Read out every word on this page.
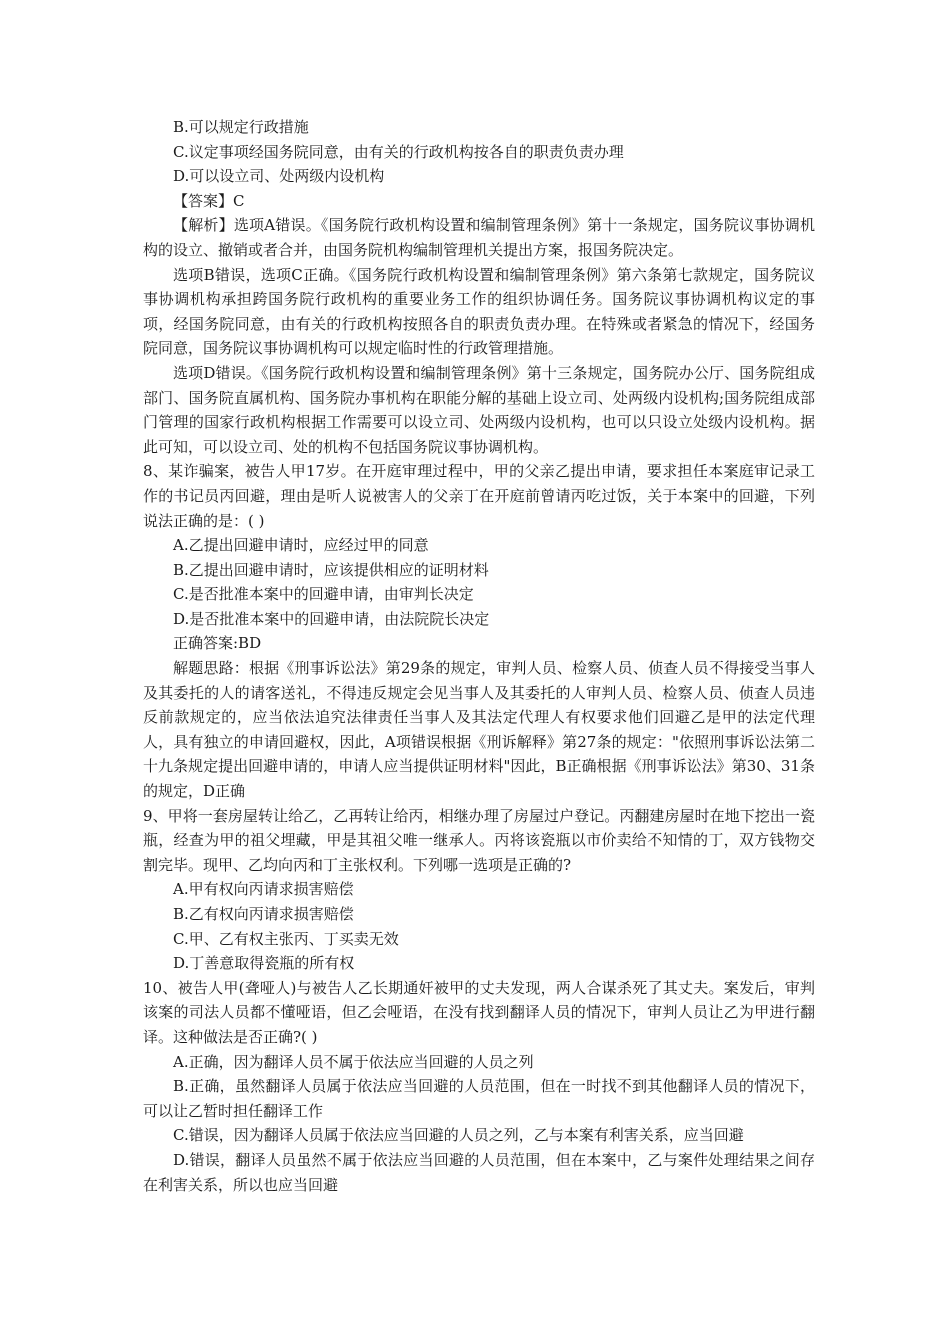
B.可以规定行政措施

C.议定事项经国务院同意，由有关的行政机构按各自的职责负责办理

D.可以设立司、处两级内设机构

【答案】C

【解析】选项A错误。《国务院行政机构设置和编制管理条例》第十一条规定，国务院议事协调机构的设立、撤销或者合并，由国务院机构编制管理机关提出方案，报国务院决定。

选项B错误，选项C正确。《国务院行政机构设置和编制管理条例》第六条第七款规定，国务院议事协调机构承担跨国务院行政机构的重要业务工作的组织协调任务。国务院议事协调机构议定的事项，经国务院同意，由有关的行政机构按照各自的职责负责办理。在特殊或者紧急的情况下，经国务院同意，国务院议事协调机构可以规定临时性的行政管理措施。

选项D错误。《国务院行政机构设置和编制管理条例》第十三条规定，国务院办公厅、国务院组成部门、国务院直属机构、国务院办事机构在职能分解的基础上设立司、处两级内设机构;国务院组成部门管理的国家行政机构根据工作需要可以设立司、处两级内设机构，也可以只设立处级内设机构。据此可知，可以设立司、处的机构不包括国务院议事协调机构。

8、某诈骗案，被告人甲17岁。在开庭审理过程中，甲的父亲乙提出申请，要求担任本案庭审记录工作的书记员丙回避，理由是听人说被害人的父亲丁在开庭前曾请丙吃过饭，关于本案中的回避，下列说法正确的是：( )

A.乙提出回避申请时，应经过甲的同意

B.乙提出回避申请时，应该提供相应的证明材料

C.是否批准本案中的回避申请，由审判长决定

D.是否批准本案中的回避申请，由法院院长决定

正确答案:BD

解题思路：根据《刑事诉讼法》第29条的规定，审判人员、检察人员、侦查人员不得接受当事人及其委托的人的请客送礼，不得违反规定会见当事人及其委托的人审判人员、检察人员、侦查人员违反前款规定的，应当依法追究法律责任当事人及其法定代理人有权要求他们回避乙是甲的法定代理人，具有独立的申请回避权，因此，A项错误根据《刑诉解释》第27条的规定："依照刑事诉讼法第二十九条规定提出回避申请的，申请人应当提供证明材料"因此，B正确根据《刑事诉讼法》第30、31条的规定，D正确

9、甲将一套房屋转让给乙，乙再转让给丙，相继办理了房屋过户登记。丙翻建房屋时在地下挖出一瓷瓶，经查为甲的祖父埋藏，甲是其祖父唯一继承人。丙将该瓷瓶以市价卖给不知情的丁，双方钱物交割完毕。现甲、乙均向丙和丁主张权利。下列哪一选项是正确的?

A.甲有权向丙请求损害赔偿

B.乙有权向丙请求损害赔偿

C.甲、乙有权主张丙、丁买卖无效

D.丁善意取得瓷瓶的所有权

10、被告人甲(聋哑人)与被告人乙长期通奸被甲的丈夫发现，两人合谋杀死了其丈夫。案发后，审判该案的司法人员都不懂哑语，但乙会哑语，在没有找到翻译人员的情况下，审判人员让乙为甲进行翻译。这种做法是否正确?( )

A.正确，因为翻译人员不属于依法应当回避的人员之列

B.正确，虽然翻译人员属于依法应当回避的人员范围，但在一时找不到其他翻译人员的情况下，可以让乙暂时担任翻译工作

C.错误，因为翻译人员属于依法应当回避的人员之列，乙与本案有利害关系，应当回避

D.错误，翻译人员虽然不属于依法应当回避的人员范围，但在本案中，乙与案件处理结果之间存在利害关系，所以也应当回避
